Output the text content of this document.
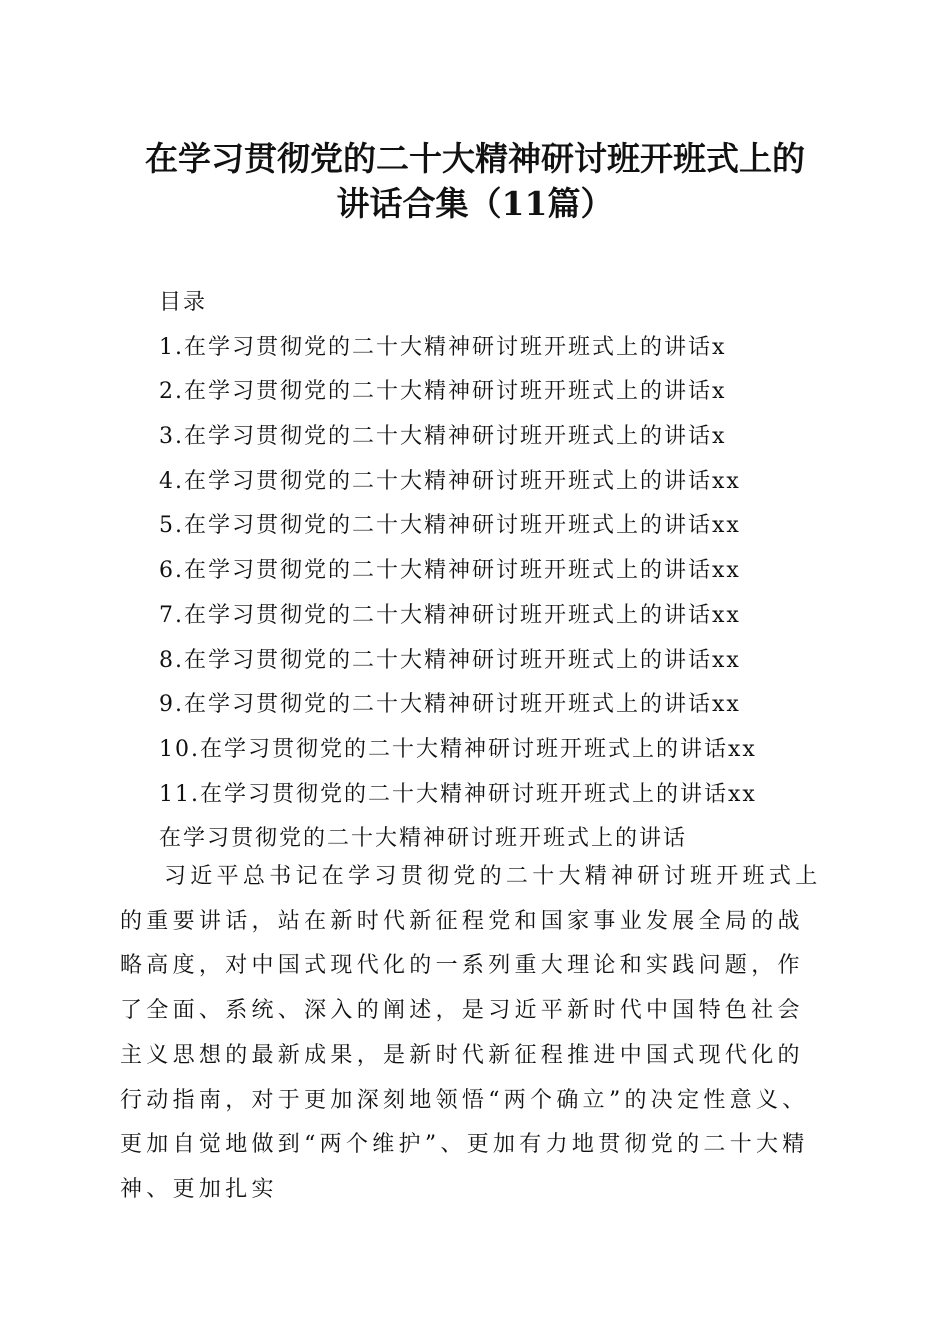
在学习贯彻党的二十大精神研讨班开班式上的
讲话合集（11篇）
目录
1.在学习贯彻党的二十大精神研讨班开班式上的讲话x
2.在学习贯彻党的二十大精神研讨班开班式上的讲话x
3.在学习贯彻党的二十大精神研讨班开班式上的讲话x
4.在学习贯彻党的二十大精神研讨班开班式上的讲话xx
5.在学习贯彻党的二十大精神研讨班开班式上的讲话xx
6.在学习贯彻党的二十大精神研讨班开班式上的讲话xx
7.在学习贯彻党的二十大精神研讨班开班式上的讲话xx
8.在学习贯彻党的二十大精神研讨班开班式上的讲话xx
9.在学习贯彻党的二十大精神研讨班开班式上的讲话xx
10.在学习贯彻党的二十大精神研讨班开班式上的讲话xx
11.在学习贯彻党的二十大精神研讨班开班式上的讲话xx
在学习贯彻党的二十大精神研讨班开班式上的讲话
习近平总书记在学习贯彻党的二十大精神研讨班开班式上的重要讲话，站在新时代新征程党和国家事业发展全局的战略高度，对中国式现代化的一系列重大理论和实践问题，作了全面、系统、深入的阐述，是习近平新时代中国特色社会主义思想的最新成果，是新时代新征程推进中国式现代化的行动指南，对于更加深刻地领悟“两个确立”的决定性意义、更加自觉地做到“两个维护”、更加有力地贯彻党的二十大精神、更加扎实
